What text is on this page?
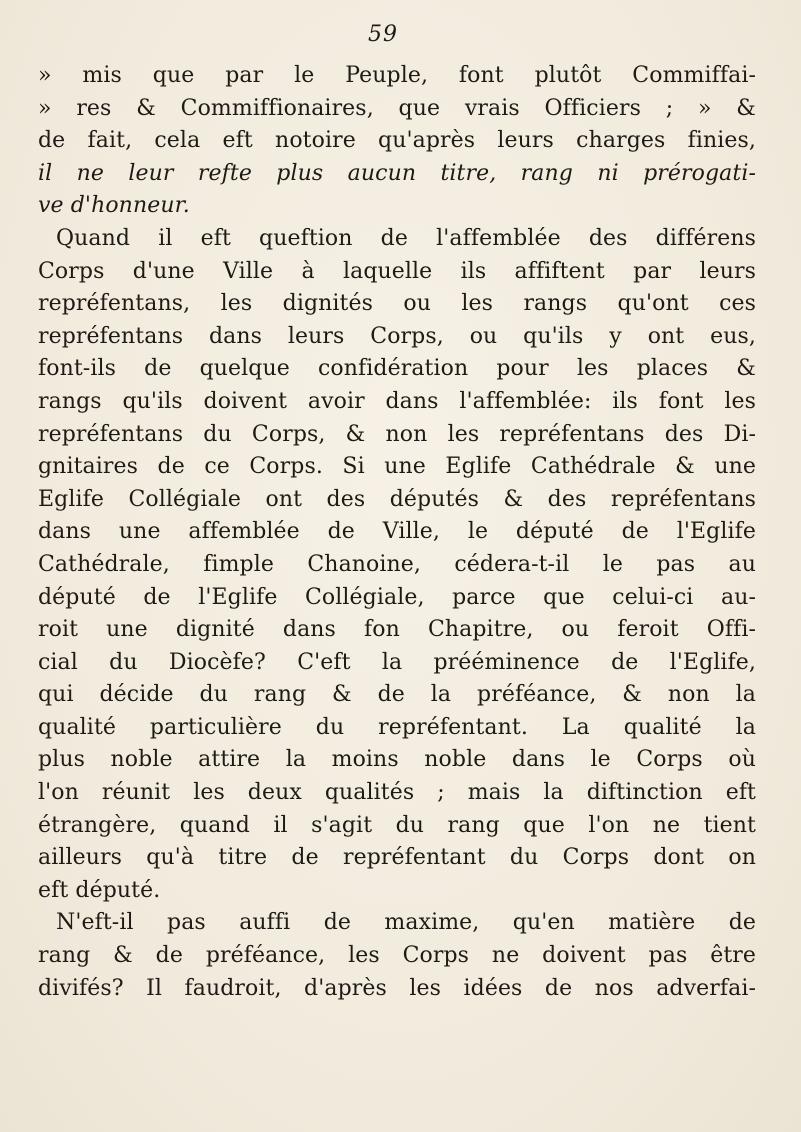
59
» mis que par le Peuple, font plutôt Commiffai-
» res & Commiffionaires, que vrais Officiers ; » &
de fait, cela eft notoire qu'après leurs charges finies,
il ne leur refte plus aucun titre, rang ni prérogati-
ve d'honneur.
Quand il eft queftion de l'affemblée des différens
Corps d'une Ville à laquelle ils affiftent par leurs
repréfentans, les dignités ou les rangs qu'ont ces
repréfentans dans leurs Corps, ou qu'ils y ont eus,
font-ils de quelque confidération pour les places &
rangs qu'ils doivent avoir dans l'affemblée: ils font les
repréfentans du Corps, & non les repréfentans des Di-
gnitaires de ce Corps. Si une Eglife Cathédrale & une
Eglife Collégiale ont des députés & des repréfentans
dans une affemblée de Ville, le député de l'Eglife
Cathédrale, fimple Chanoine, cédera-t-il le pas au
député de l'Eglife Collégiale, parce que celui-ci au-
roit une dignité dans fon Chapitre, ou feroit Offi-
cial du Diocèfe? C'eft la prééminence de l'Eglife,
qui décide du rang & de la préféance, & non la
qualité particulière du repréfentant. La qualité la
plus noble attire la moins noble dans le Corps où
l'on réunit les deux qualités ; mais la diftinction eft
étrangère, quand il s'agit du rang que l'on ne tient
ailleurs qu'à titre de repréfentant du Corps dont on
eft député.
N'eft-il pas auffi de maxime, qu'en matière de
rang & de préféance, les Corps ne doivent pas être
divifés? Il faudroit, d'après les idées de nos adverfai-
